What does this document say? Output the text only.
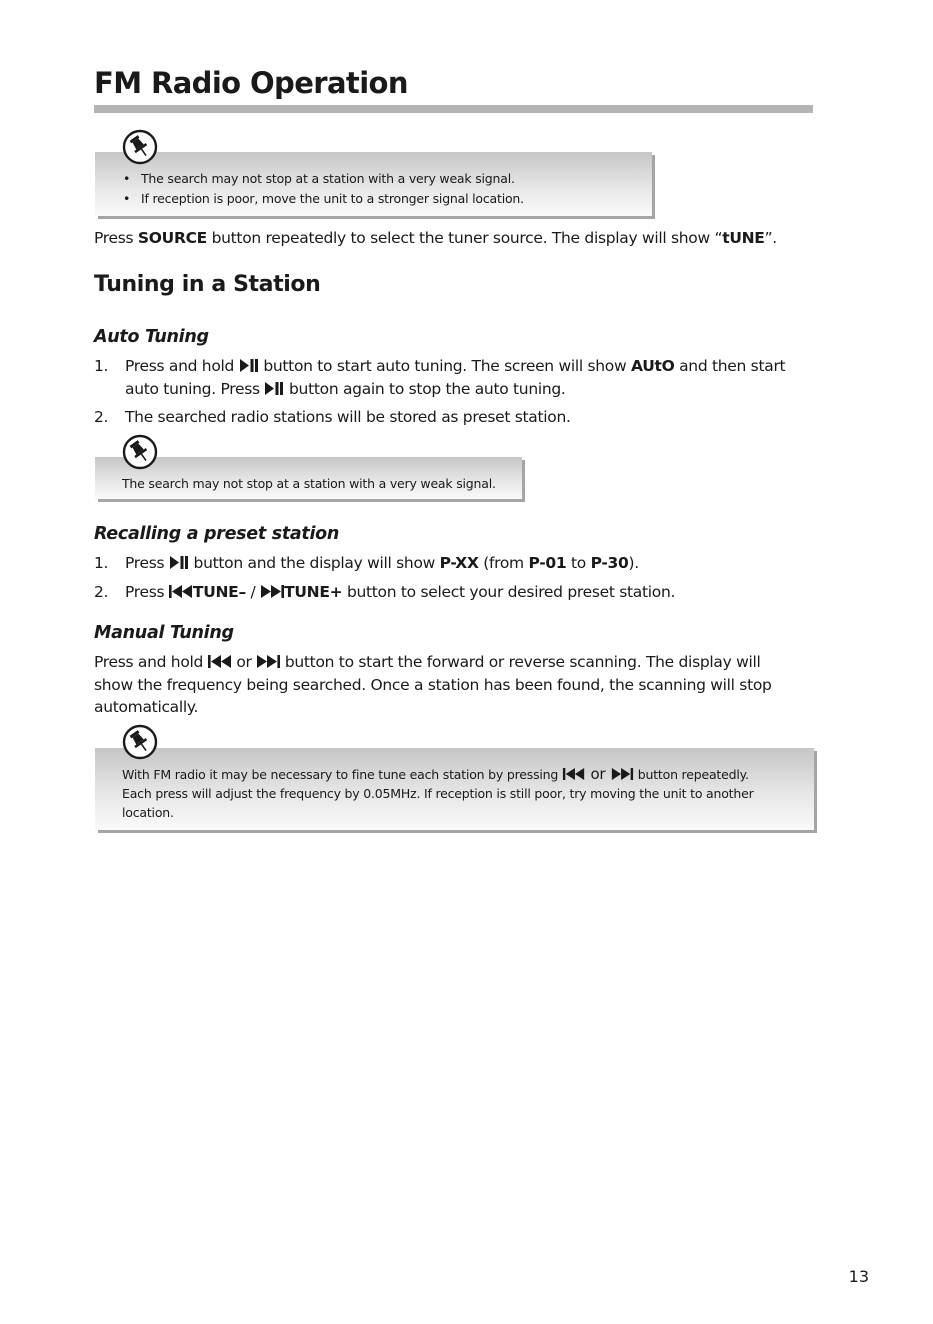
FM Radio Operation
• The search may not stop at a station with a very weak signal.
• If reception is poor, move the unit to a stronger signal location.
Press SOURCE button repeatedly to select the tuner source. The display will show “tUNE”.
Tuning in a Station
Auto Tuning
1. Press and hold  button to start auto tuning. The screen will show AUtO and then start
auto tuning. Press  button again to stop the auto tuning.
2. The searched radio stations will be stored as preset station.
The search may not stop at a station with a very weak signal.
Recalling a preset station
1. Press  button and the display will show P-XX (from P-01 to P-30).
2. Press TUNE– / TUNE+ button to select your desired preset station.
Manual Tuning
Press and hold  or  button to start the forward or reverse scanning. The display will
show the frequency being searched. Once a station has been found, the scanning will stop
automatically.
With FM radio it may be necessary to fine tune each station by pressing  or  button repeatedly.
Each press will adjust the frequency by 0.05MHz. If reception is still poor, try moving the unit to another
location.
13
